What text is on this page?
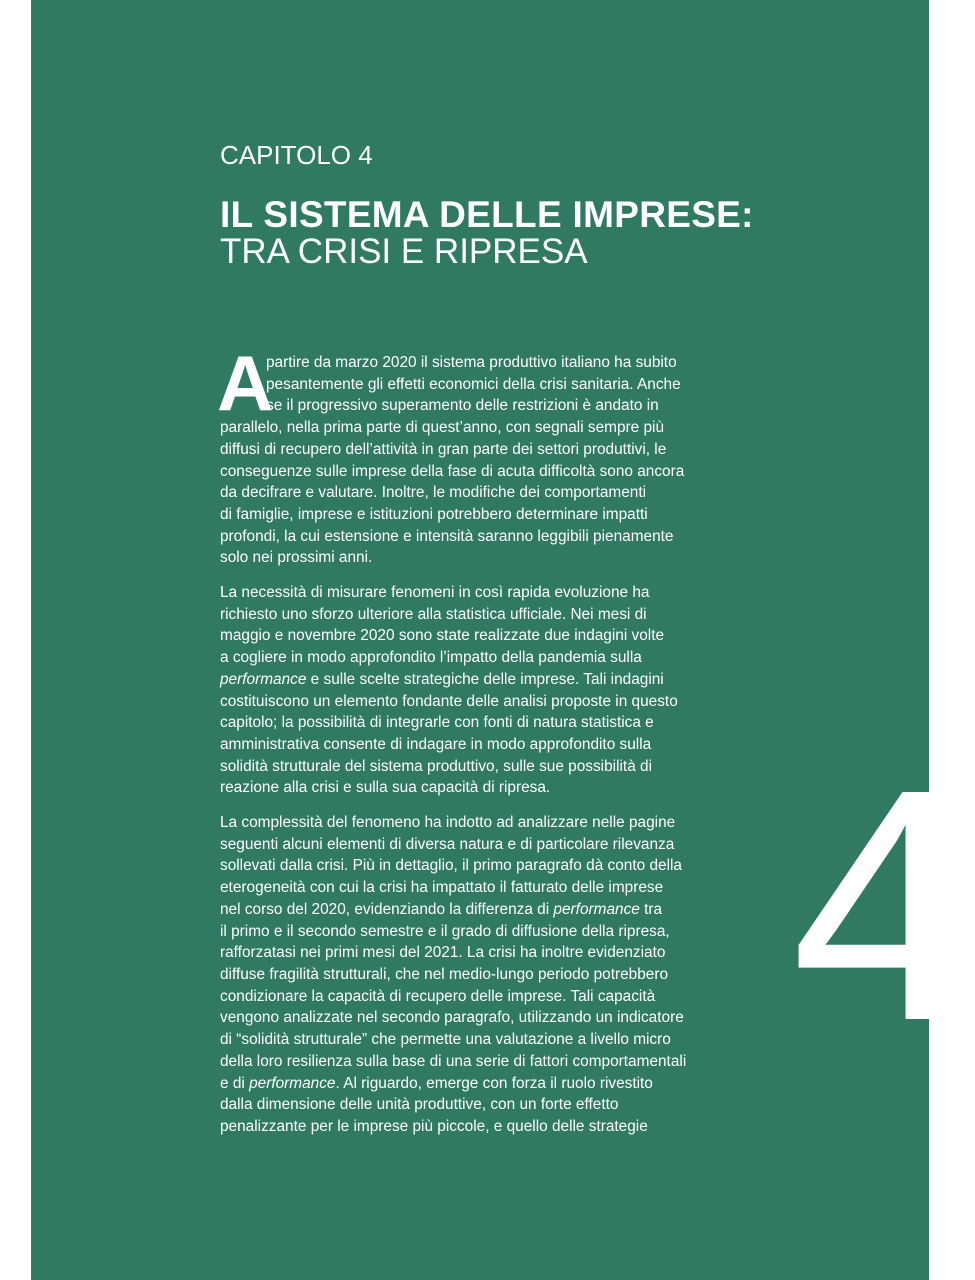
CAPITOLO 4
IL SISTEMA DELLE IMPRESE:
TRA CRISI E RIPRESA
A
partire da marzo 2020 il sistema produttivo italiano ha subito
pesantemente gli effetti economici della crisi sanitaria. Anche
se il progressivo superamento delle restrizioni è andato in
parallelo, nella prima parte di quest’anno, con segnali sempre più
diffusi di recupero dell’attività in gran parte dei settori produttivi, le
conseguenze sulle imprese della fase di acuta difficoltà sono ancora
da decifrare e valutare. Inoltre, le modifiche dei comportamenti
di famiglie, imprese e istituzioni potrebbero determinare impatti
profondi, la cui estensione e intensità saranno leggibili pienamente
solo nei prossimi anni.
La necessità di misurare fenomeni in così rapida evoluzione ha
richiesto uno sforzo ulteriore alla statistica ufficiale. Nei mesi di
maggio e novembre 2020 sono state realizzate due indagini volte
a cogliere in modo approfondito l’impatto della pandemia sulla
performance e sulle scelte strategiche delle imprese. Tali indagini
costituiscono un elemento fondante delle analisi proposte in questo
capitolo; la possibilità di integrarle con fonti di natura statistica e
amministrativa consente di indagare in modo approfondito sulla
solidità strutturale del sistema produttivo, sulle sue possibilità di
reazione alla crisi e sulla sua capacità di ripresa.
La complessità del fenomeno ha indotto ad analizzare nelle pagine
seguenti alcuni elementi di diversa natura e di particolare rilevanza
sollevati dalla crisi. Più in dettaglio, il primo paragrafo dà conto della
eterogeneità con cui la crisi ha impattato il fatturato delle imprese
nel corso del 2020, evidenziando la differenza di performance tra
il primo e il secondo semestre e il grado di diffusione della ripresa,
rafforzatasi nei primi mesi del 2021. La crisi ha inoltre evidenziato
diffuse fragilità strutturali, che nel medio-lungo periodo potrebbero
condizionare la capacità di recupero delle imprese. Tali capacità
vengono analizzate nel secondo paragrafo, utilizzando un indicatore
di “solidità strutturale” che permette una valutazione a livello micro
della loro resilienza sulla base di una serie di fattori comportamentali
e di performance. Al riguardo, emerge con forza il ruolo rivestito
dalla dimensione delle unità produttive, con un forte effetto
penalizzante per le imprese più piccole, e quello delle strategie
4
